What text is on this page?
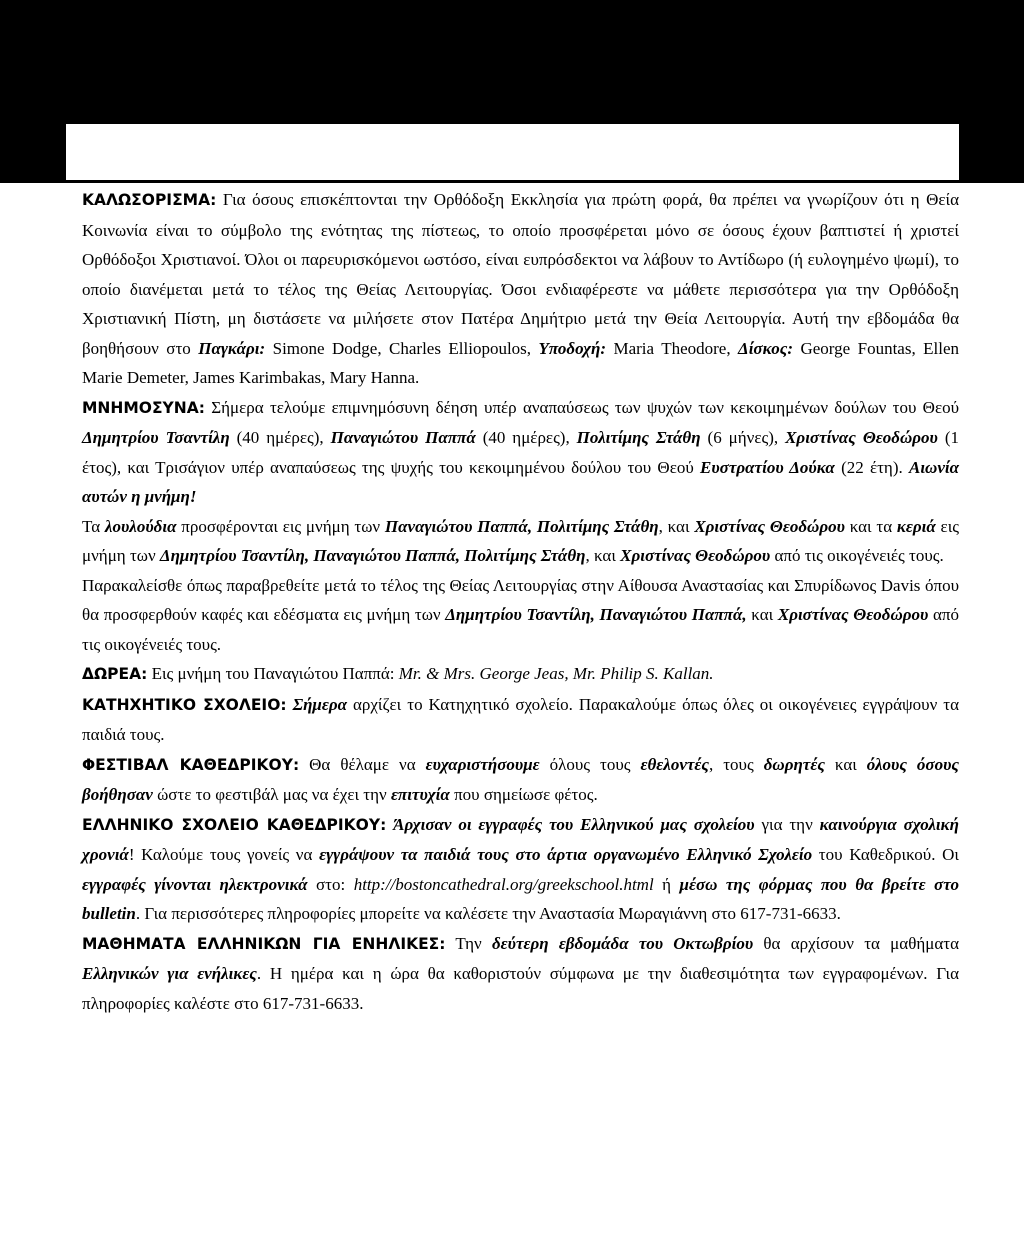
ΚΑΛΩΣΟΡΙΣΜΑ: Για όσους επισκέπτονται την Ορθόδοξη Εκκλησία για πρώτη φορά, θα πρέπει να γνωρίζουν ότι η Θεία Κοινωνία είναι το σύμβολο της ενότητας της πίστεως, το οποίο προσφέρεται μόνο σε όσους έχουν βαπτιστεί ή χριστεί Ορθόδοξοι Χριστιανοί. Όλοι οι παρευρισκόμενοι ωστόσο, είναι ευπρόσδεκτοι να λάβουν το Αντίδωρο (ή ευλογημένο ψωμί), το οποίο διανέμεται μετά το τέλος της Θείας Λειτουργίας. Όσοι ενδιαφέρεστε να μάθετε περισσότερα για την Ορθόδοξη Χριστιανική Πίστη, μη διστάσετε να μιλήσετε στον Πατέρα Δημήτριο μετά την Θεία Λειτουργία. Αυτή την εβδομάδα θα βοηθήσουν στο Παγκάρι: Simone Dodge, Charles Elliopoulos, Υποδοχή: Maria Theodore, Δίσκος: George Fountas, Ellen Marie Demeter, James Karimbakas, Mary Hanna.

ΜΝΗΜΟΣΥΝΑ: Σήμερα τελούμε επιμνημόσυνη δέηση υπέρ αναπαύσεως των ψυχών των κεκοιμημένων δούλων του Θεού Δημητρίου Τσαντίλη (40 ημέρες), Παναγιώτου Παππά (40 ημέρες), Πολιτίμης Στάθη (6 μήνες), Χριστίνας Θεοδώρου (1 έτος), και Τρισάγιον υπέρ αναπαύσεως της ψυχής του κεκοιμημένου δούλου του Θεού Ευστρατίου Δούκα (22 έτη). Αιωνία αυτών η μνήμη!

Τα λουλούδια προσφέρονται εις μνήμη των Παναγιώτου Παππά, Πολιτίμης Στάθη, και Χριστίνας Θεοδώρου και τα κεριά εις μνήμη των Δημητρίου Τσαντίλη, Παναγιώτου Παππά, Πολιτίμης Στάθη, και Χριστίνας Θεοδώρου από τις οικογένειές τους.

Παρακαλείσθε όπως παραβρεθείτε μετά το τέλος της Θείας Λειτουργίας στην Αίθουσα Αναστασίας και Σπυρίδωνος Davis όπου θα προσφερθούν καφές και εδέσματα εις μνήμη των Δημητρίου Τσαντίλη, Παναγιώτου Παππά, και Χριστίνας Θεοδώρου από τις οικογένειές τους.

ΔΩΡΕΑ: Εις μνήμη του Παναγιώτου Παππά: Mr. & Mrs. George Jeas, Mr. Philip S. Kallan.

ΚΑΤΗΧΗΤΙΚΟ ΣΧΟΛΕΙΟ: Σήμερα αρχίζει το Κατηχητικό σχολείο. Παρακαλούμε όπως όλες οι οικογένειες εγγράψουν τα παιδιά τους.

ΦΕΣΤΙΒΑΛ ΚΑΘΕΔΡΙΚΟΥ: Θα θέλαμε να ευχαριστήσουμε όλους τους εθελοντές, τους δωρητές και όλους όσους βοήθησαν ώστε το φεστιβάλ μας να έχει την επιτυχία που σημείωσε φέτος.

ΕΛΛΗΝΙΚΟ ΣΧΟΛΕΙΟ ΚΑΘΕΔΡΙΚΟΥ: Άρχισαν οι εγγραφές του Ελληνικού μας σχολείου για την καινούργια σχολική χρονιά! Καλούμε τους γονείς να εγγράψουν τα παιδιά τους στο άρτια οργανωμένο Ελληνικό Σχολείο του Καθεδρικού. Οι εγγραφές γίνονται ηλεκτρονικά στο: http://bostoncathedral.org/greekschool.html ή μέσω της φόρμας που θα βρείτε στο bulletin. Για περισσότερες πληροφορίες μπορείτε να καλέσετε την Αναστασία Μωραγιάννη στο 617-731-6633.

ΜΑΘΗΜΑΤΑ ΕΛΛΗΝΙΚΩΝ ΓΙΑ ΕΝΗΛΙΚΕΣ: Την δεύτερη εβδομάδα του Οκτωβρίου θα αρχίσουν τα μαθήματα Ελληνικών για ενήλικες. Η ημέρα και η ώρα θα καθοριστούν σύμφωνα με την διαθεσιμότητα των εγγραφομένων. Για πληροφορίες καλέστε στο 617-731-6633.
